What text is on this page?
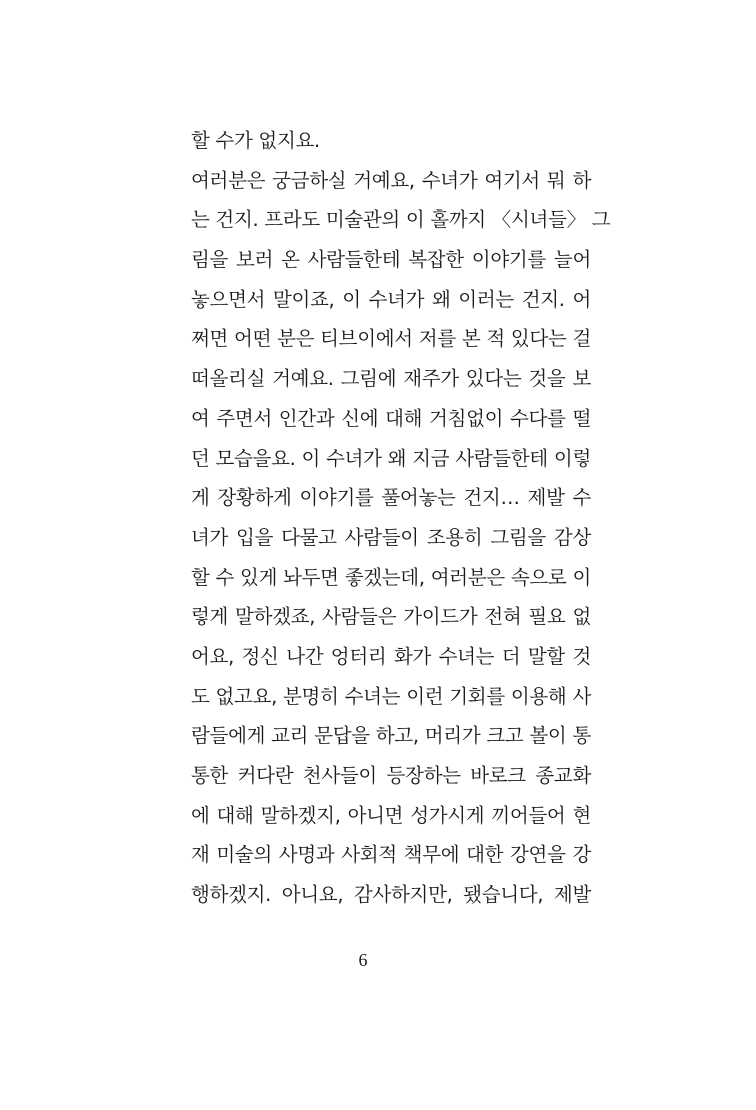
할 수가 없지요.
여러분은 궁금하실 거예요, 수녀가 여기서 뭐 하
는 건지. 프라도 미술관의 이 홀까지 〈시녀들〉 그
림을 보러 온 사람들한테 복잡한 이야기를 늘어
놓으면서 말이죠, 이 수녀가 왜 이러는 건지. 어
쩌면 어떤 분은 티브이에서 저를 본 적 있다는 걸
떠올리실 거예요. 그림에 재주가 있다는 것을 보
여 주면서 인간과 신에 대해 거침없이 수다를 떨
던 모습을요. 이 수녀가 왜 지금 사람들한테 이렇
게 장황하게 이야기를 풀어놓는 건지… 제발 수
녀가 입을 다물고 사람들이 조용히 그림을 감상
할 수 있게 놔두면 좋겠는데, 여러분은 속으로 이
렇게 말하겠죠, 사람들은 가이드가 전혀 필요 없
어요, 정신 나간 엉터리 화가 수녀는 더 말할 것
도 없고요, 분명히 수녀는 이런 기회를 이용해 사
람들에게 교리 문답을 하고, 머리가 크고 볼이 통
통한 커다란 천사들이 등장하는 바로크 종교화
에 대해 말하겠지, 아니면 성가시게 끼어들어 현
재 미술의 사명과 사회적 책무에 대한 강연을 강
행하겠지. 아니요, 감사하지만, 됐습니다, 제발
6
